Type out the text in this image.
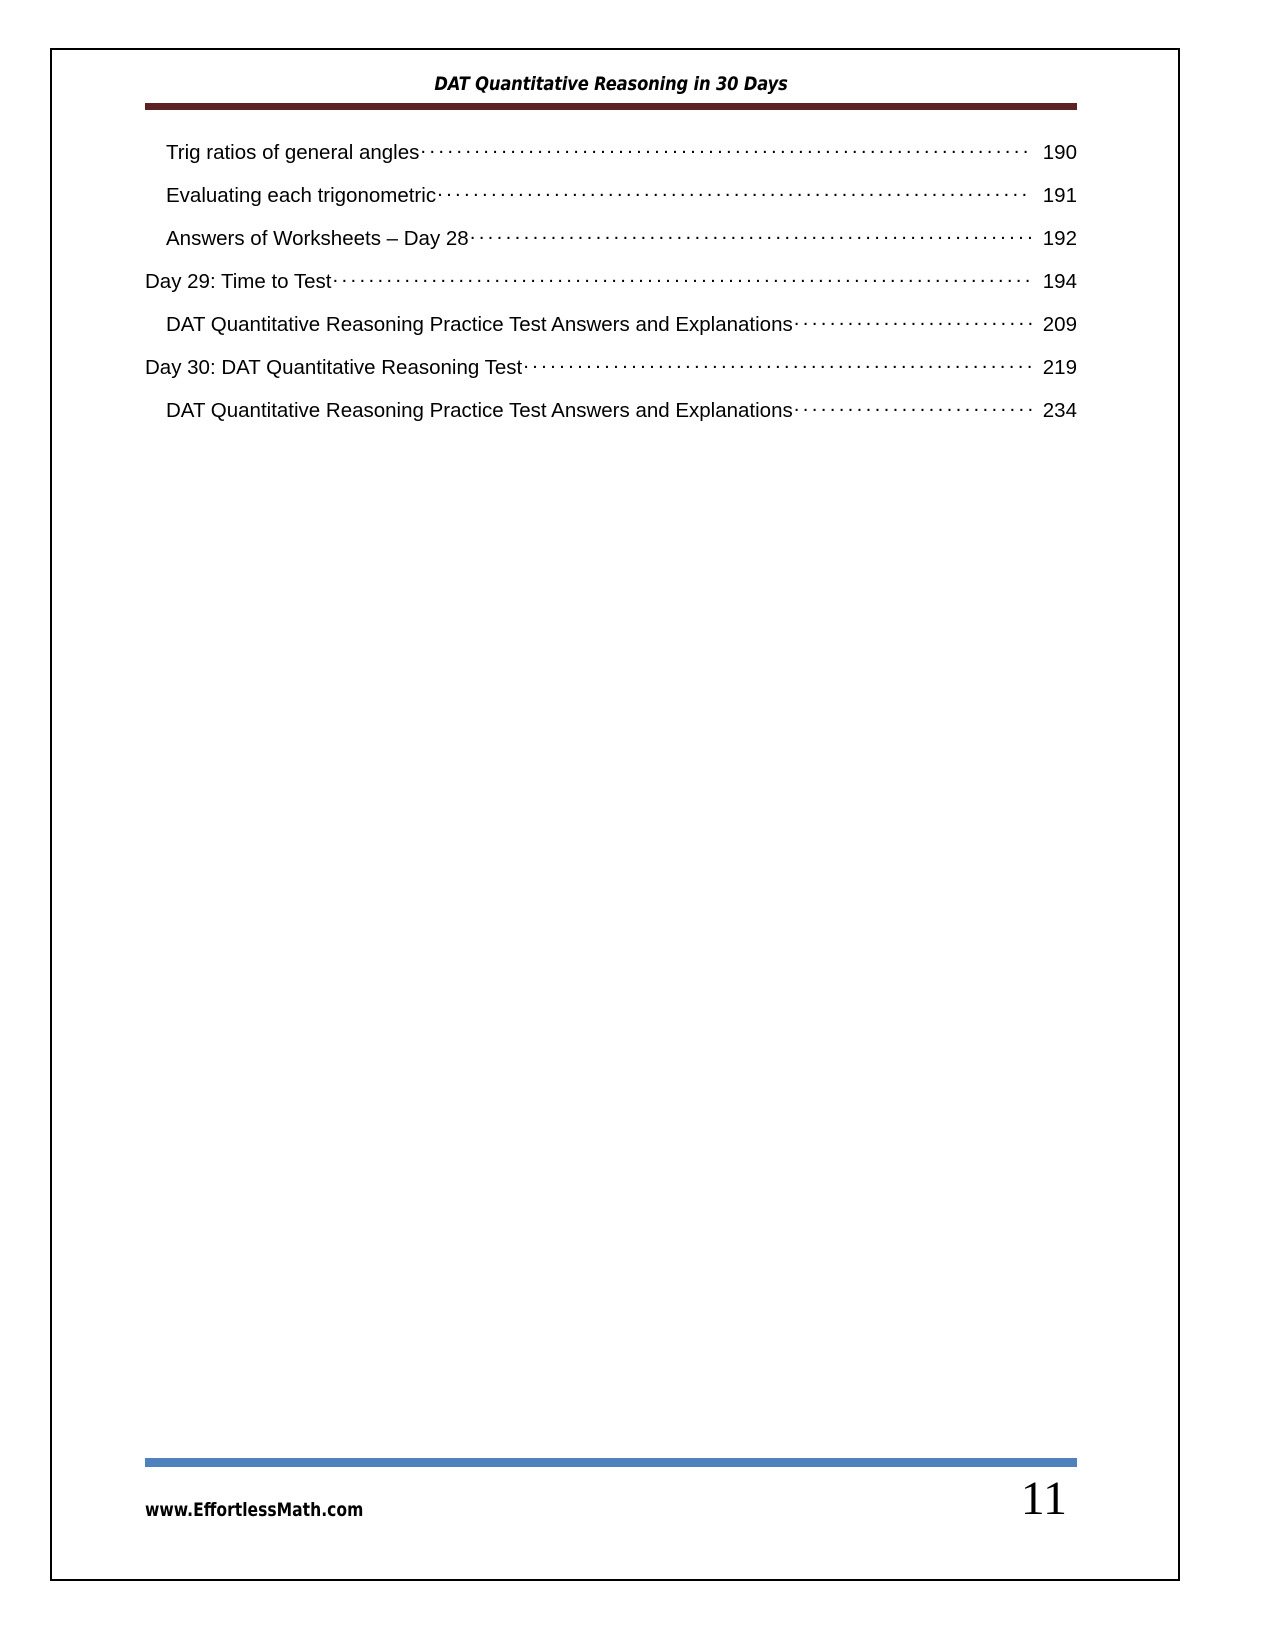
DAT Quantitative Reasoning in 30 Days
Trig ratios of general angles . . .	190
Evaluating each trigonometric . . .	191
Answers of Worksheets – Day 28 . . .	192
Day 29: Time to Test . . .	194
DAT Quantitative Reasoning Practice Test Answers and Explanations . . .	209
Day 30: DAT Quantitative Reasoning Test . . .	219
DAT Quantitative Reasoning Practice Test Answers and Explanations . . .	234
www.EffortlessMath.com	11
